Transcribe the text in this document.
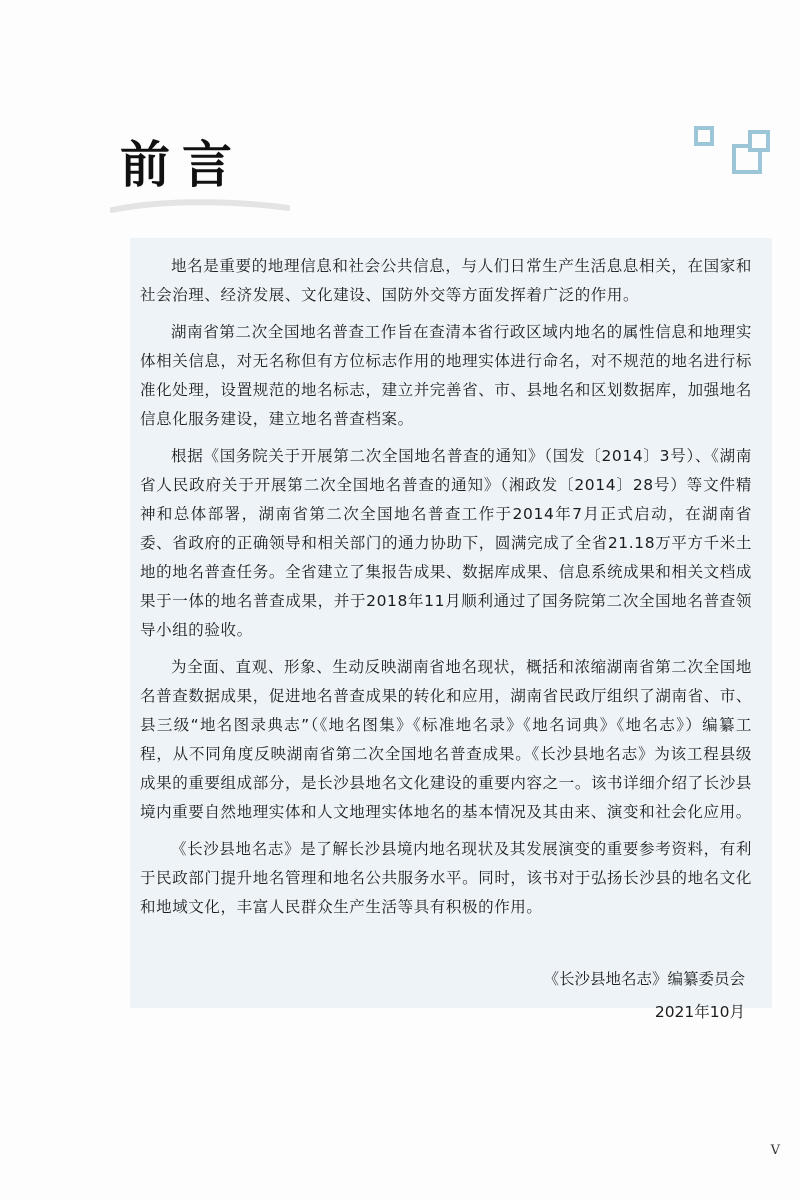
前言

地名是重要的地理信息和社会公共信息，与人们日常生产生活息息相关，在国家和社会治理、经济发展、文化建设、国防外交等方面发挥着广泛的作用。

湖南省第二次全国地名普查工作旨在查清本省行政区域内地名的属性信息和地理实体相关信息，对无名称但有方位标志作用的地理实体进行命名，对不规范的地名进行标准化处理，设置规范的地名标志，建立并完善省、市、县地名和区划数据库，加强地名信息化服务建设，建立地名普查档案。

根据《国务院关于开展第二次全国地名普查的通知》（国发〔2014〕3号）、《湖南省人民政府关于开展第二次全国地名普查的通知》（湘政发〔2014〕28号）等文件精神和总体部署，湖南省第二次全国地名普查工作于2014年7月正式启动，在湖南省委、省政府的正确领导和相关部门的通力协助下，圆满完成了全省21.18万平方千米土地的地名普查任务。全省建立了集报告成果、数据库成果、信息系统成果和相关文档成果于一体的地名普查成果，并于2018年11月顺利通过了国务院第二次全国地名普查领导小组的验收。

为全面、直观、形象、生动反映湖南省地名现状，概括和浓缩湖南省第二次全国地名普查数据成果，促进地名普查成果的转化和应用，湖南省民政厅组织了湖南省、市、县三级“地名图录典志”（《地名图集》《标准地名录》《地名词典》《地名志》）编纂工程，从不同角度反映湖南省第二次全国地名普查成果。《长沙县地名志》为该工程县级成果的重要组成部分，是长沙县地名文化建设的重要内容之一。该书详细介绍了长沙县境内重要自然地理实体和人文地理实体地名的基本情况及其由来、演变和社会化应用。

《长沙县地名志》是了解长沙县境内地名现状及其发展演变的重要参考资料，有利于民政部门提升地名管理和地名公共服务水平。同时，该书对于弘扬长沙县的地名文化和地域文化，丰富人民群众生产生活等具有积极的作用。

《长沙县地名志》编纂委员会
2021年10月
V
